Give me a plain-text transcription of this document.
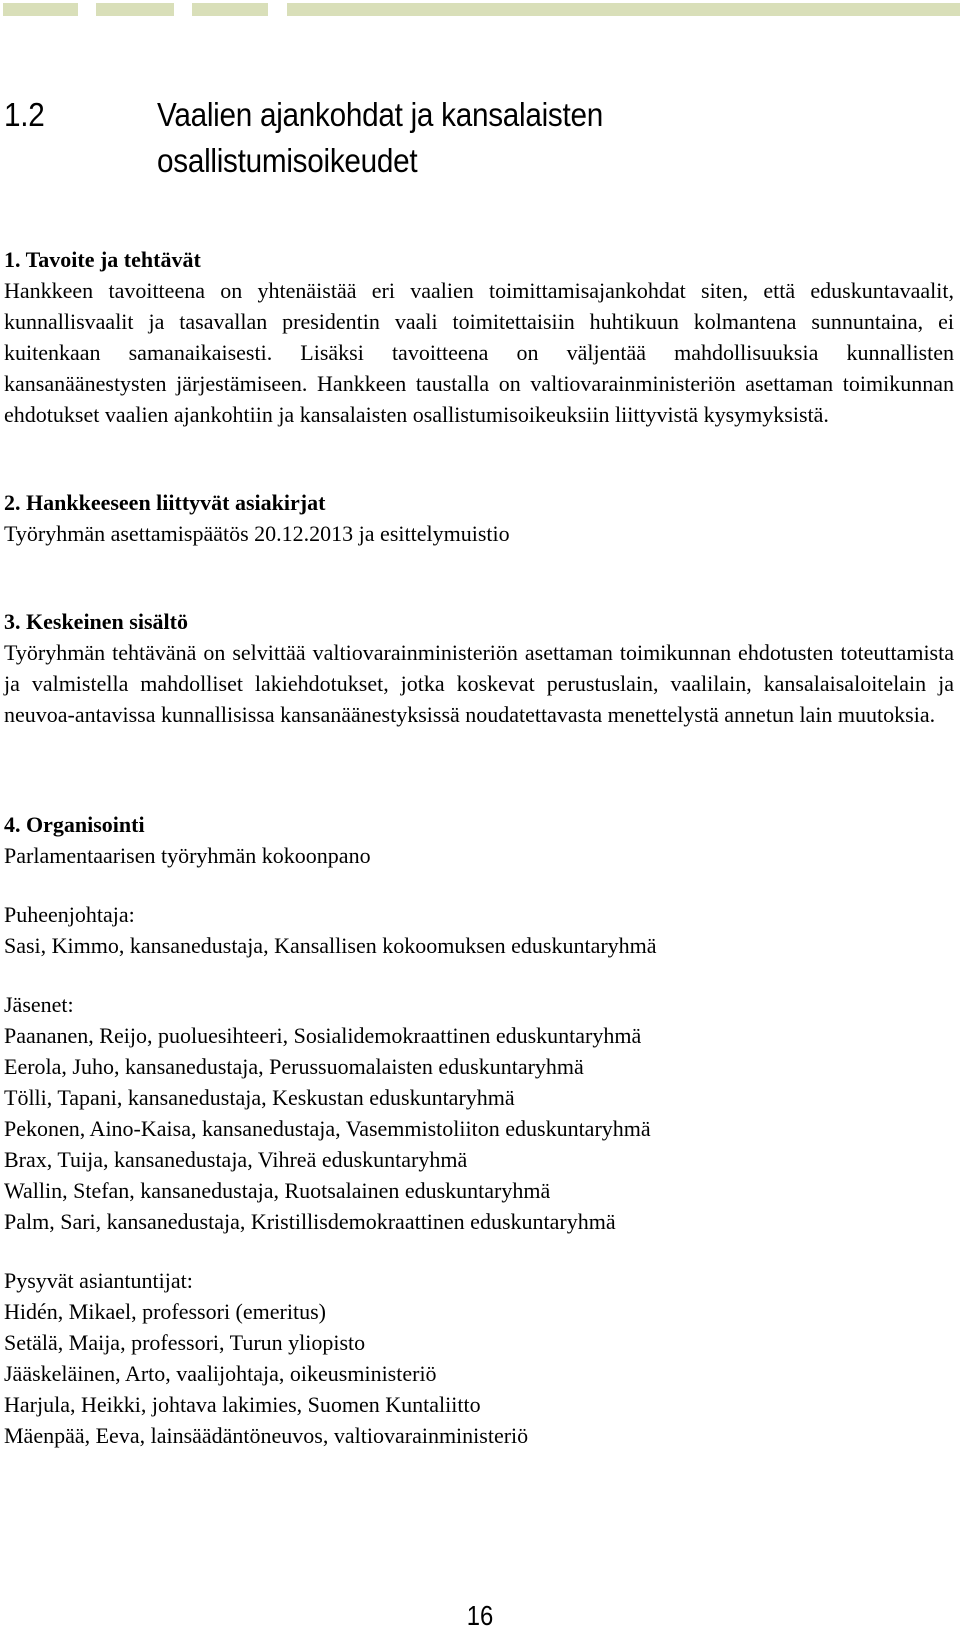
1.2	Vaalien ajankohdat ja kansalaisten
osallistumisoikeudet

1. Tavoite ja tehtävät

Hankkeen tavoitteena on yhtenäistää eri vaalien toimittamisajankohdat siten, että eduskuntavaalit, kunnallisvaalit ja tasavallan presidentin vaali toimitettaisiin huhtikuun kolmantena sunnuntaina, ei kuitenkaan samanaikaisesti. Lisäksi tavoitteena on väljentää mahdollisuuksia kunnallisten kansanäänestysten järjestämiseen. Hankkeen taustalla on valtiovarainministeriön asettaman toimikunnan ehdotukset vaalien ajankohtiin ja kansalaisten osallistumisoikeuksiin liittyvistä kysymyksistä.

2. Hankkeeseen liittyvät asiakirjat

Työryhmän asettamispäätös 20.12.2013 ja esittelymuistio

3. Keskeinen sisältö

Työryhmän tehtävänä on selvittää valtiovarainministeriön asettaman toimikunnan ehdotusten toteuttamista ja valmistella mahdolliset lakiehdotukset, jotka koskevat perustuslain, vaalilain, kansalaisaloitelain ja neuvoa-antavissa kunnallisissa kansanäänestyksissä noudatettavasta menettelystä annetun lain muutoksia.

4. Organisointi

Parlamentaarisen työryhmän kokoonpano

Puheenjohtaja:

Sasi, Kimmo, kansanedustaja, Kansallisen kokoomuksen eduskuntaryhmä

Jäsenet:

Paananen, Reijo, puoluesihteeri, Sosialidemokraattinen eduskuntaryhmä

Eerola, Juho, kansanedustaja, Perussuomalaisten eduskuntaryhmä

Tölli, Tapani, kansanedustaja, Keskustan eduskuntaryhmä

Pekonen, Aino-Kaisa, kansanedustaja, Vasemmistoliiton eduskuntaryhmä

Brax, Tuija, kansanedustaja, Vihreä eduskuntaryhmä

Wallin, Stefan, kansanedustaja, Ruotsalainen eduskuntaryhmä

Palm, Sari, kansanedustaja, Kristillisdemokraattinen eduskuntaryhmä

Pysyvät asiantuntijat:

Hidén, Mikael, professori (emeritus)

Setälä, Maija, professori, Turun yliopisto

Jääskeläinen, Arto, vaalijohtaja, oikeusministeriö

Harjula, Heikki, johtava lakimies, Suomen Kuntaliitto

Mäenpää, Eeva, lainsäädäntöneuvos, valtiovarainministeriö

16
